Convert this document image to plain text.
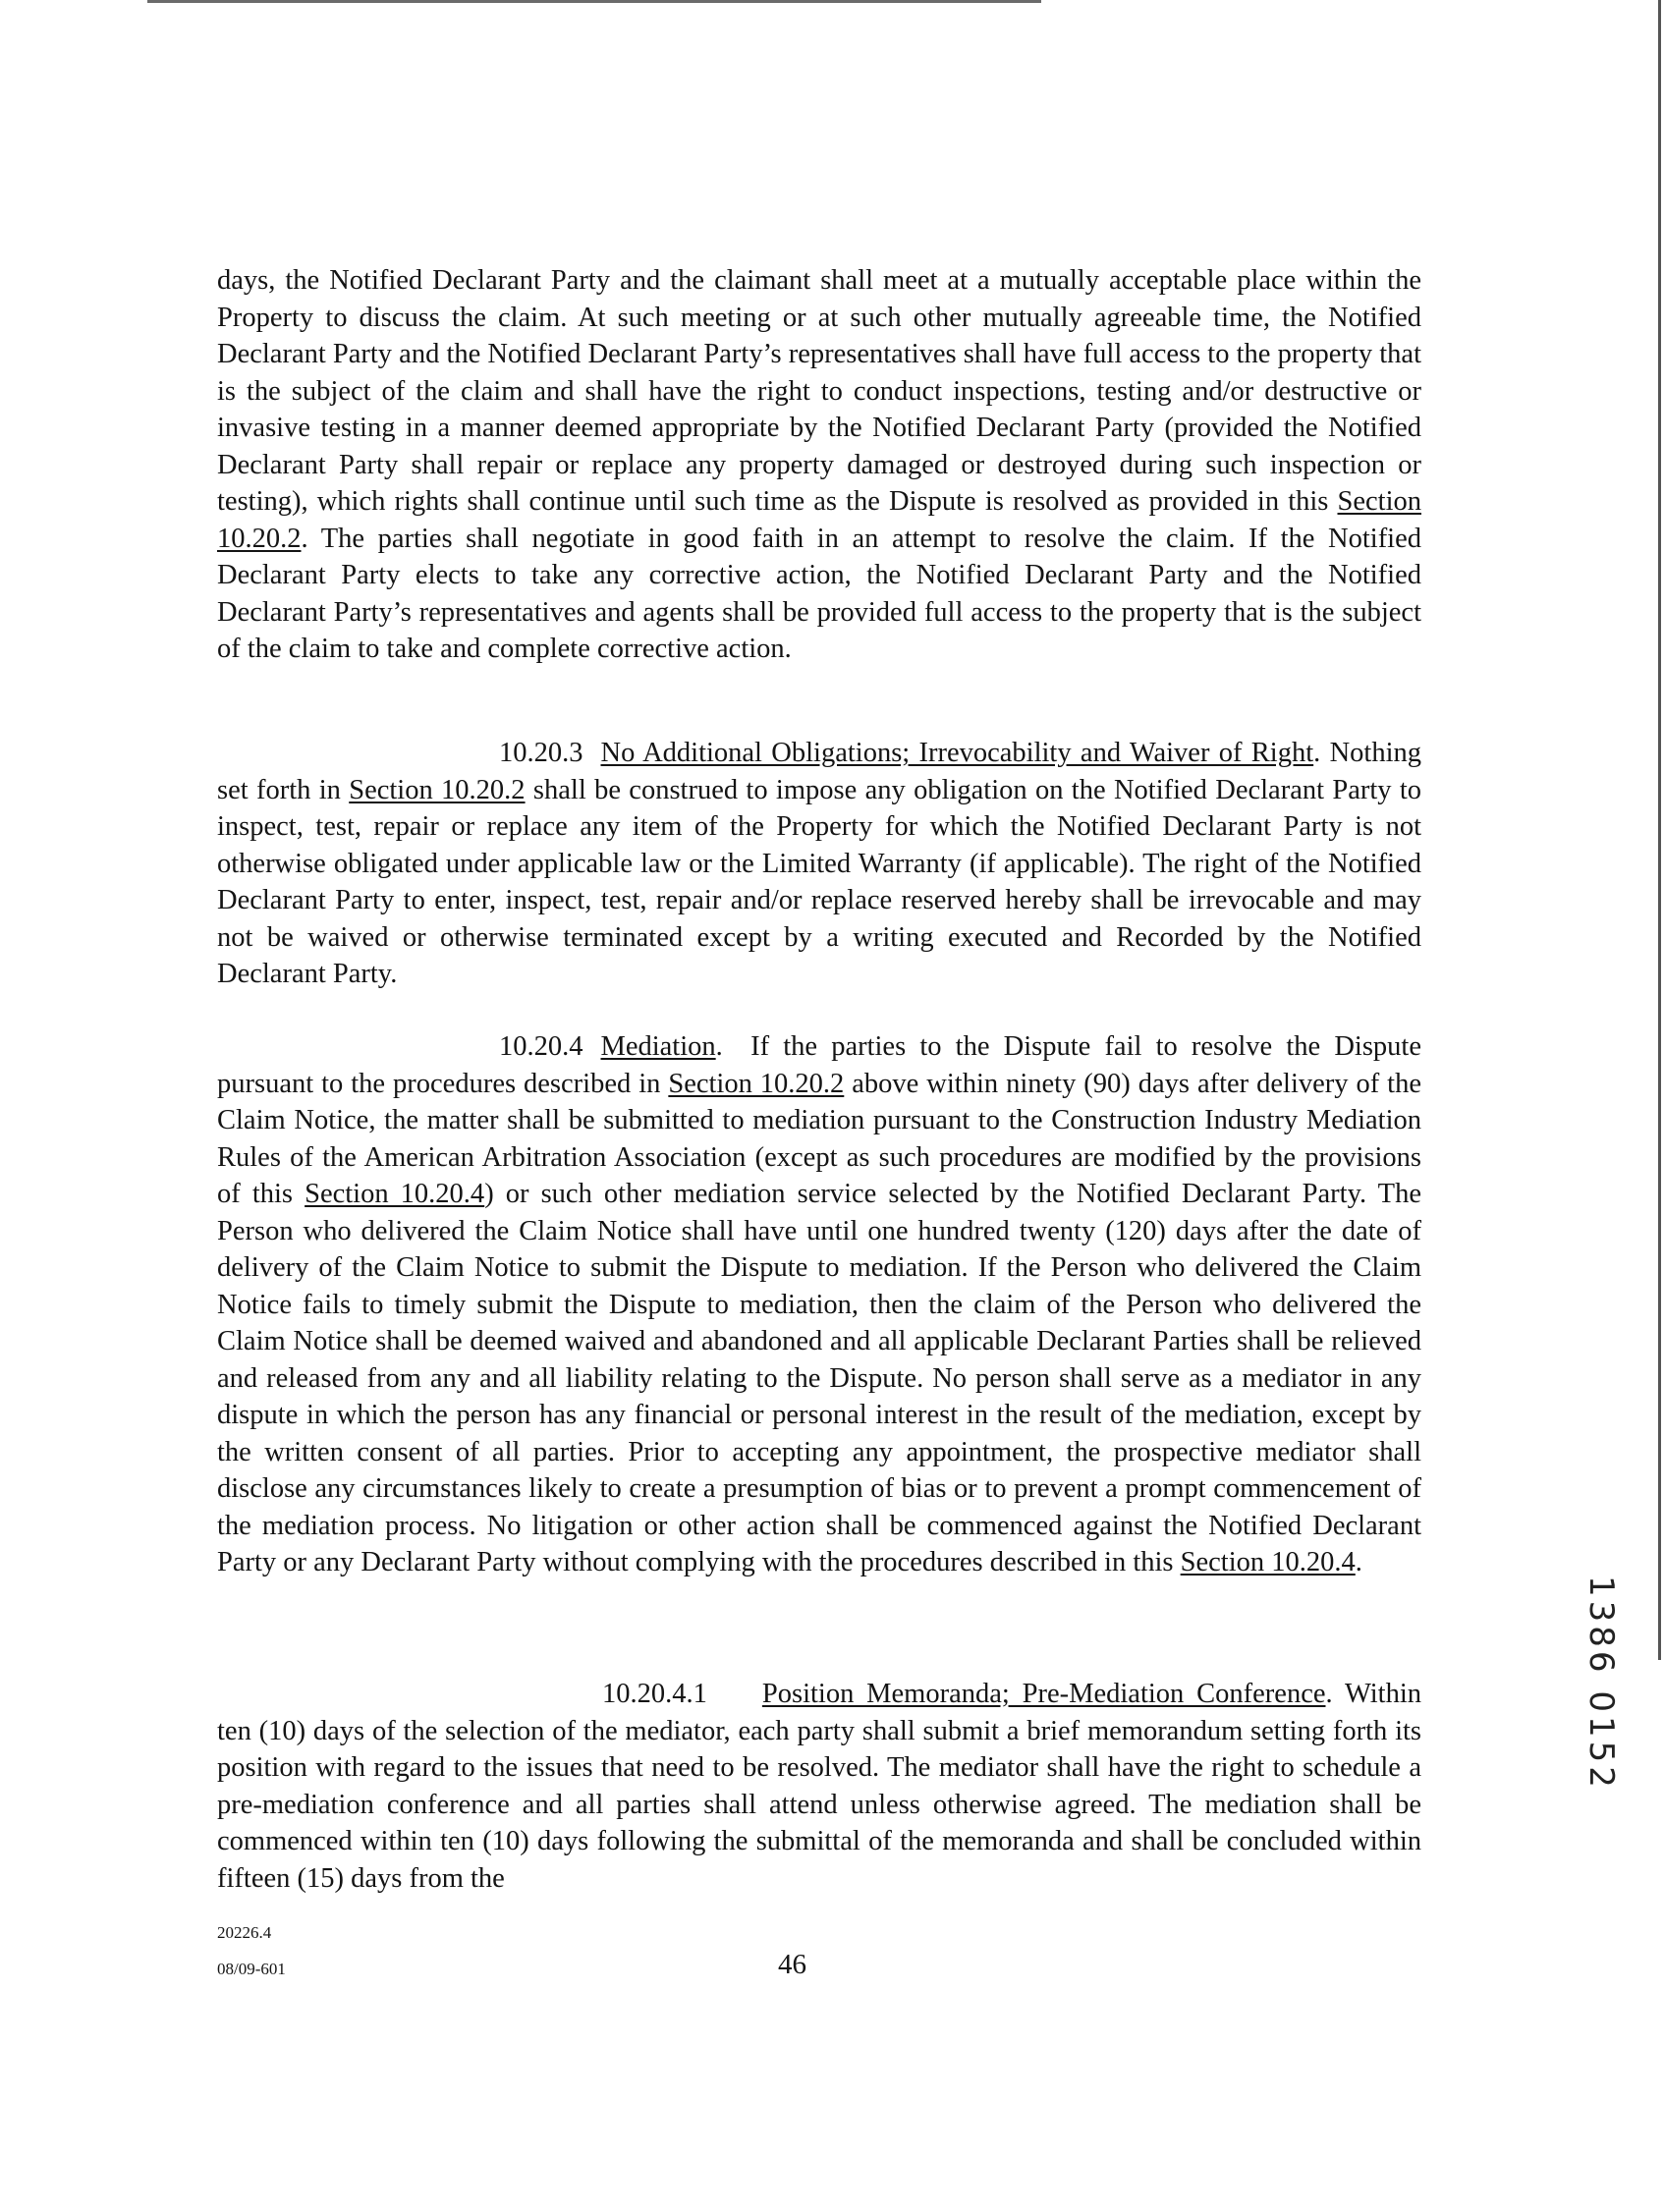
days, the Notified Declarant Party and the claimant shall meet at a mutually acceptable place within the Property to discuss the claim. At such meeting or at such other mutually agreeable time, the Notified Declarant Party and the Notified Declarant Party’s representatives shall have full access to the property that is the subject of the claim and shall have the right to conduct inspections, testing and/or destructive or invasive testing in a manner deemed appropriate by the Notified Declarant Party (provided the Notified Declarant Party shall repair or replace any property damaged or destroyed during such inspection or testing), which rights shall continue until such time as the Dispute is resolved as provided in this Section 10.20.2. The parties shall negotiate in good faith in an attempt to resolve the claim. If the Notified Declarant Party elects to take any corrective action, the Notified Declarant Party and the Notified Declarant Party’s representatives and agents shall be provided full access to the property that is the subject of the claim to take and complete corrective action.

10.20.3 No Additional Obligations; Irrevocability and Waiver of Right. Nothing set forth in Section 10.20.2 shall be construed to impose any obligation on the Notified Declarant Party to inspect, test, repair or replace any item of the Property for which the Notified Declarant Party is not otherwise obligated under applicable law or the Limited Warranty (if applicable). The right of the Notified Declarant Party to enter, inspect, test, repair and/or replace reserved hereby shall be irrevocable and may not be waived or otherwise terminated except by a writing executed and Recorded by the Notified Declarant Party.

10.20.4 Mediation. If the parties to the Dispute fail to resolve the Dispute pursuant to the procedures described in Section 10.20.2 above within ninety (90) days after delivery of the Claim Notice, the matter shall be submitted to mediation pursuant to the Construction Industry Mediation Rules of the American Arbitration Association (except as such procedures are modified by the provisions of this Section 10.20.4) or such other mediation service selected by the Notified Declarant Party. The Person who delivered the Claim Notice shall have until one hundred twenty (120) days after the date of delivery of the Claim Notice to submit the Dispute to mediation. If the Person who delivered the Claim Notice fails to timely submit the Dispute to mediation, then the claim of the Person who delivered the Claim Notice shall be deemed waived and abandoned and all applicable Declarant Parties shall be relieved and released from any and all liability relating to the Dispute. No person shall serve as a mediator in any dispute in which the person has any financial or personal interest in the result of the mediation, except by the written consent of all parties. Prior to accepting any appointment, the prospective mediator shall disclose any circumstances likely to create a presumption of bias or to prevent a prompt commencement of the mediation process. No litigation or other action shall be commenced against the Notified Declarant Party or any Declarant Party without complying with the procedures described in this Section 10.20.4.

10.20.4.1 Position Memoranda; Pre-Mediation Conference. Within ten (10) days of the selection of the mediator, each party shall submit a brief memorandum setting forth its position with regard to the issues that need to be resolved. The mediator shall have the right to schedule a pre-mediation conference and all parties shall attend unless otherwise agreed. The mediation shall be commenced within ten (10) days following the submittal of the memoranda and shall be concluded within fifteen (15) days from the

20226.4
08/09-601	46
1386 0152
